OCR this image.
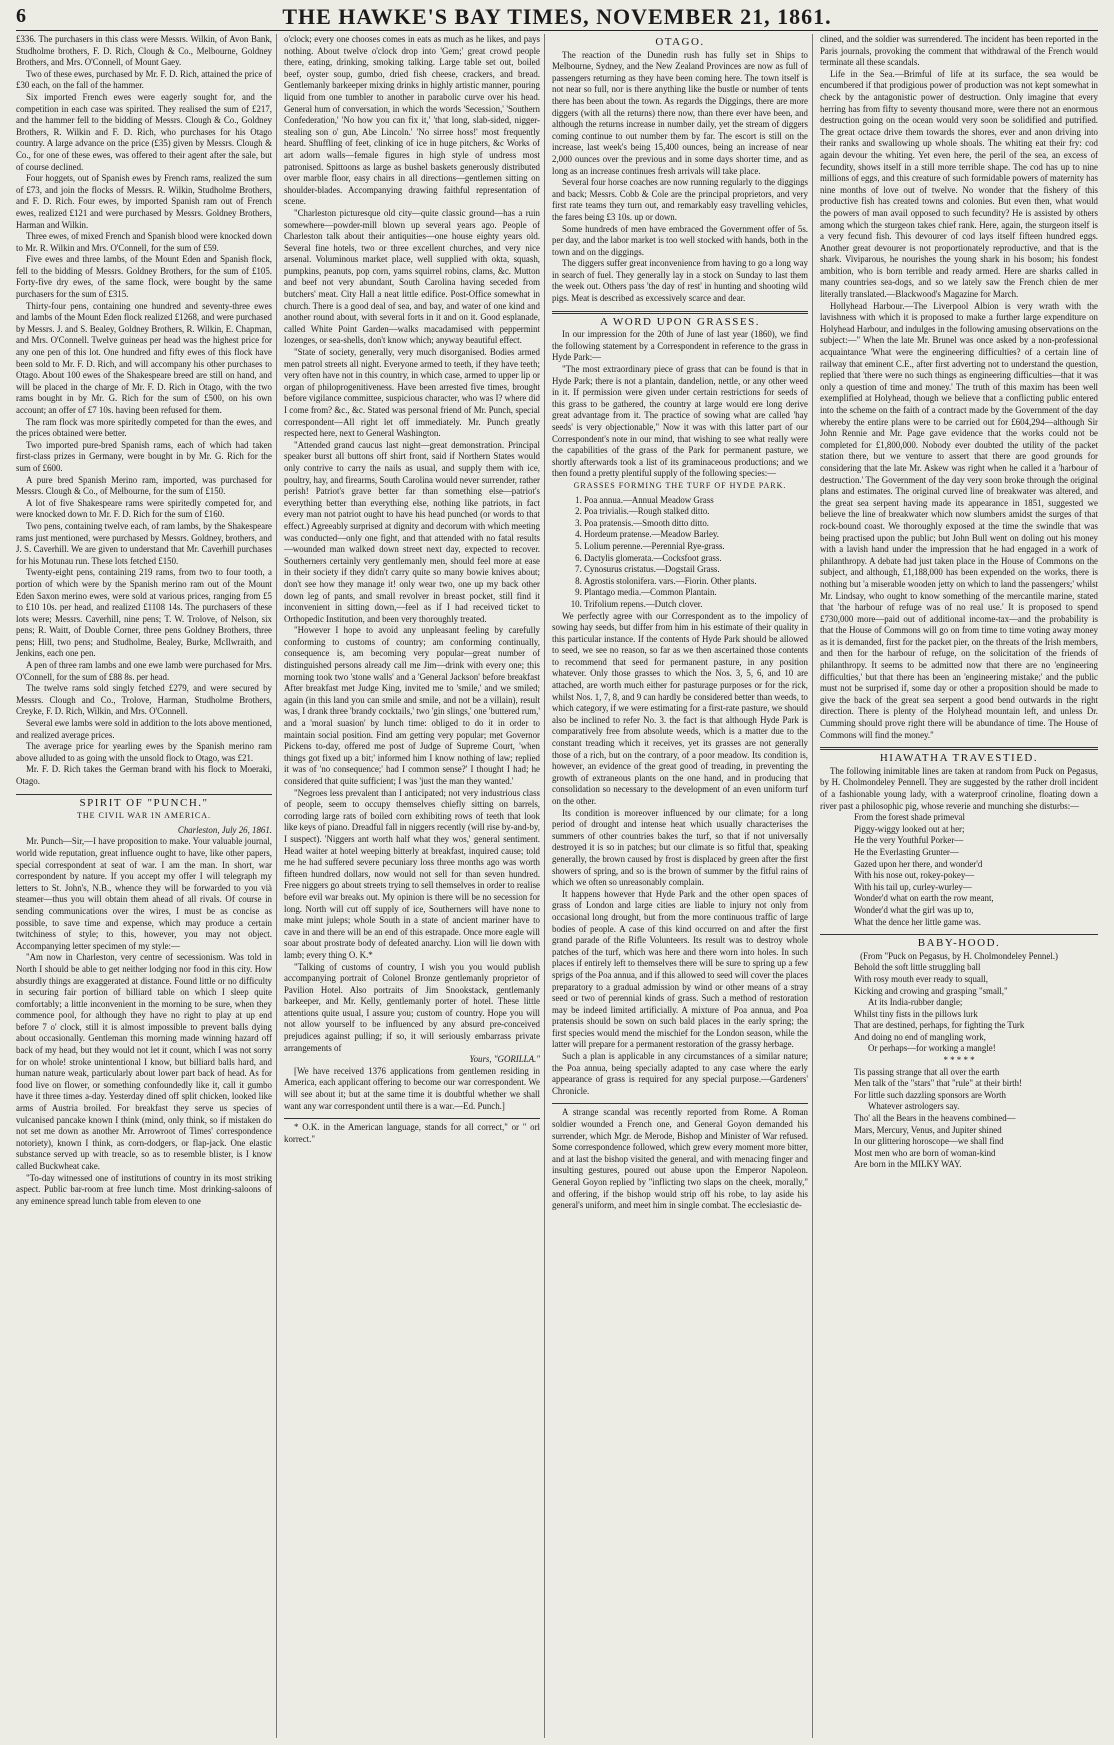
6	THE HAWKE'S BAY TIMES, NOVEMBER 21, 1861.

£336. The purchasers in this class were Messrs. Wilkin, of Avon Bank, Studholme brothers, F. D. Rich, Clough & Co., Melbourne, Goldney Brothers, and Mrs. O'Connell, of Mount Gaey.

Two of these ewes, purchased by Mr. F. D. Rich, attained the price of £30 each, on the fall of the hammer.

Six imported French ewes were eagerly sought for, and the competition in each case was spirited. They realised the sum of £217, and the hammer fell to the bidding of Messrs. Clough & Co., Goldney Brothers, R. Wilkin and F. D. Rich, who purchases for his Otago country. A large advance on the price (£35) given by Messrs. Clough & Co., for one of these ewes, was offered to their agent after the sale, but of course declined.

Four hoggets, out of Spanish ewes by French rams, realized the sum of £73, and join the flocks of Messrs. R. Wilkin, Studholme Brothers, and F. D. Rich. Four ewes, by imported Spanish ram out of French ewes, realized £121 and were purchased by Messrs. Goldney Brothers, Harman and Wilkin.

Three ewes, of mixed French and Spanish blood were knocked down to Mr. R. Wilkin and Mrs. O'Connell, for the sum of £59.

Five ewes and three lambs, of the Mount Eden and Spanish flock, fell to the bidding of Messrs. Goldney Brothers, for the sum of £105. Forty-five dry ewes, of the same flock, were bought by the same purchasers for the sum of £315.

Thirty-four pens, containing one hundred and seventy-three ewes and lambs of the Mount Eden flock realized £1268, and were purchased by Messrs. J. and S. Bealey, Goldney Brothers, R. Wilkin, E. Chapman, and Mrs. O'Connell. Twelve guineas per head was the highest price for any one pen of this lot. One hundred and fifty ewes of this flock have been sold to Mr. F. D. Rich, and will accompany his other purchases to Otago. About 100 ewes of the Shakespeare breed are still on hand, and will be placed in the charge of Mr. F. D. Rich in Otago, with the two rams bought in by Mr. G. Rich for the sum of £500, on his own account; an offer of £7 10s. having been refused for them.

The ram flock was more spiritedly competed for than the ewes, and the prices obtained were better.

Two imported pure-bred Spanish rams, each of which had taken first-class prizes in Germany, were bought in by Mr. G. Rich for the sum of £600.

A pure bred Spanish Merino ram, imported, was purchased for Messrs. Clough & Co., of Melbourne, for the sum of £150.

A lot of five Shakespeare rams were spiritedly competed for, and were knocked down to Mr. F. D. Rich for the sum of £160.

Two pens, containing twelve each, of ram lambs, by the Shakespeare rams just mentioned, were purchased by Messrs. Goldney, brothers, and J. S. Caverhill. We are given to understand that Mr. Caverhill purchases for his Motunau run. These lots fetched £150.

Twenty-eight pens, containing 219 rams, from two to four tooth, a portion of which were by the Spanish merino ram out of the Mount Eden Saxon merino ewes, were sold at various prices, ranging from £5 to £10 10s. per head, and realized £1108 14s. The purchasers of these lots were; Messrs. Caverhill, nine pens; T. W. Trolove, of Nelson, six pens; R. Waitt, of Double Corner, three pens Goldney Brothers, three pens; Hill, two pens; and Studholme, Bealey, Burke, McIlwraith, and Jenkins, each one pen.

A pen of three ram lambs and one ewe lamb were purchased for Mrs. O'Connell, for the sum of £88 8s. per head.

The twelve rams sold singly fetched £279, and were secured by Messrs. Clough and Co., Trolove, Harman, Studholme Brothers, Creyke, F. D. Rich, Wilkin, and Mrs. O'Connell.

Several ewe lambs were sold in addition to the lots above mentioned, and realized average prices.

The average price for yearling ewes by the Spanish merino ram above alluded to as going with the unsold flock to Otago, was £21.

Mr. F. D. Rich takes the German brand with his flock to Moeraki, Otago.

SPIRIT OF "PUNCH."
THE CIVIL WAR IN AMERICA.

Charleston, July 26, 1861.

Mr. Punch—Sir,—I have proposition to make. Your valuable journal, world wide reputation, great influence ought to have, like other papers, special correspondent at seat of war. I am the man. In short, war correspondent by nature. If you accept my offer I will telegraph my letters to St. John's, N.B., whence they will be forwarded to you vià steamer—thus you will obtain them ahead of all rivals. Of course in sending communications over the wires, I must be as concise as possible, to save time and expense, which may produce a certain twitchiness of style; to this, however, you may not object. Accompanying letter specimen of my style:—

"Am now in Charleston, very centre of secessionism. Was told in North I should be able to get neither lodging nor food in this city. How absurdly things are exaggerated at distance. Found little or no difficulty in securing fair portion of billiard table on which I sleep quite comfortably; a little inconvenient in the morning to be sure, when they commence pool, for although they have no right to play at up end before 7 o' clock, still it is almost impossible to prevent balls dying about occasionally. Gentleman this morning made winning hazard off back of my head, but they would not let it count, which I was not sorry for on whole! stroke unintentional I know, but billiard balls hard, and human nature weak, particularly about lower part back of head. As for food live on flower, or something confoundedly like it, call it gumbo have it three times a-day. Yesterday dined off split chicken, looked like arms of Austria broiled. For breakfast they serve us species of vulcanised pancake known I think (mind, only think, so if mistaken do not set me down as another Mr. Arrowroot of Times' correspondence notoriety), known I think, as corn-dodgers, or flap-jack. One elastic substance served up with treacle, so as to resemble blister, is I know called Buckwheat cake.

"To-day witnessed one of institutions of country in its most striking aspect. Public bar-room at free lunch time. Most drinking-saloons of any eminence spread lunch table from eleven to one

o'clock; every one chooses comes in eats as much as he likes, and pays nothing. About twelve o'clock drop into 'Gem;' great crowd people there, eating, drinking, smoking talking. Large table set out, boiled beef, oyster soup, gumbo, dried fish cheese, crackers, and bread. Gentlemanly barkeeper mixing drinks in highly artistic manner, pouring liquid from one tumbler to another in parabolic curve over his head. General hum of conversation, in which the words 'Secession,' 'Southern Confederation,' 'No how you can fix it,' 'that long, slab-sided, nigger-stealing son o' gun, Abe Lincoln.' 'No sirree hoss!' most frequently heard. Shuffling of feet, clinking of ice in huge pitchers, &c Works of art adorn walls—female figures in high style of undress most patronised. Spittoons as large as bushel baskets generously distributed over marble floor, easy chairs in all directions—gentlemen sitting on shoulder-blades. Accompanying drawing faithful representation of scene.

"Charleston picturesque old city—quite classic ground—has a ruin somewhere—powder-mill blown up several years ago. People of Charleston talk about their antiquities—one house eighty years old. Several fine hotels, two or three excellent churches, and very nice arsenal. Voluminous market place, well supplied with okta, squash, pumpkins, peanuts, pop corn, yams squirrel robins, clams, &c. Mutton and beef not very abundant, South Carolina having seceded from butchers' meat. City Hall a neat little edifice. Post-Office somewhat in church. There is a good deal of sea, and bay, and water of one kind and another round about, with several forts in it and on it. Good esplanade, called White Point Garden—walks macadamised with peppermint lozenges, or sea-shells, don't know which; anyway beautiful effect.

"State of society, generally, very much disorganised. Bodies armed men patrol streets all night. Everyone armed to teeth, if they have teeth; very often have not in this country, in which case, armed to upper lip or organ of philoprogenitiveness. Have been arrested five times, brought before vigilance committee, suspicious character, who was I? where did I come from? &c., &c. Stated was personal friend of Mr. Punch, special correspondent—All right let off immediately. Mr. Punch greatly respected here, next to General Washington.

"Attended grand caucus last night—great demonstration. Principal speaker burst all buttons off shirt front, said if Northern States would only contrive to carry the nails as usual, and supply them with ice, poultry, hay, and firearms, South Carolina would never surrender, rather perish! Patriot's grave better far than something else—patriot's everything better than everything else, nothing like patriots, in fact every man not patriot ought to have his head punched (or words to that effect.) Agreeably surprised at dignity and decorum with which meeting was conducted—only one fight, and that attended with no fatal results—wounded man walked down street next day, expected to recover. Southerners certainly very gentlemanly men, should feel more at ease in their society if they didn't carry quite so many bowie knives about; don't see how they manage it! only wear two, one up my back other down leg of pants, and small revolver in breast pocket, still find it inconvenient in sitting down,—feel as if I had received ticket to Orthopedic Institution, and been very thoroughly treated.

"However I hope to avoid any unpleasant feeling by carefully conforming to customs of country; am conforming continually, consequence is, am becoming very popular—great number of distinguished persons already call me Jim—drink with every one; this morning took two 'stone walls' and a 'General Jackson' before breakfast After breakfast met Judge King, invited me to 'smile,' and we smiled; again (in this land you can smile and smile, and not be a villain), result was, I drank three 'brandy cocktails,' two 'gin slings,' one 'buttered rum,' and a 'moral suasion' by lunch time: obliged to do it in order to maintain social position. Find am getting very popular; met Governor Pickens to-day, offered me post of Judge of Supreme Court, 'when things got fixed up a bit;' informed him I know nothing of law; replied it was of 'no consequence;' had I common sense?' I thought I had; he considered that quite sufficient; I was 'just the man they wanted.'

"Negroes less prevalent than I anticipated; not very industrious class of people, seem to occupy themselves chiefly sitting on barrels, corroding large rats of boiled corn exhibiting rows of teeth that look like keys of piano. Dreadful fall in niggers recently (will rise by-and-by, I suspect). 'Niggers ant worth half what they wos,' general sentiment. Head waiter at hotel weeping bitterly at breakfast, inquired cause; told me he had suffered severe pecuniary loss three months ago was worth fifteen hundred dollars, now would not sell for than seven hundred. Free niggers go about streets trying to sell themselves in order to realise before evil war breaks out. My opinion is there will be no secession for long. North will cut off supply of ice, Southerners will have none to make mint juleps; whole South in a state of ancient mariner have to cave in and there will be an end of this estrapade. Once more eagle will soar about prostrate body of defeated anarchy. Lion will lie down with lamb; every thing O. K.*

"Talking of customs of country, I wish you you would publish accompanying portrait of Colonel Bronze gentlemanly proprietor of Pavilion Hotel. Also portraits of Jim Snookstack, gentlemanly barkeeper, and Mr. Kelly, gentlemanly porter of hotel. These little attentions quite usual, I assure you; custom of country. Hope you will not allow yourself to be influenced by any absurd pre-conceived prejudices against pulling; if so, it will seriously embarrass private arrangements of

Yours, "GORILLA."

[We have received 1376 applications from gentlemen residing in America, each applicant offering to become our war correspondent. We will see about it; but at the same time it is doubtful whether we shall want any war correspondent until there is a war.—Ed. Punch.]

* O.K. in the American language, stands for all correct," or " orl korrect."

OTAGO.

The reaction of the Dunedin rush has fully set in Ships to Melbourne, Sydney, and the New Zealand Provinces are now as full of passengers returning as they have been coming here. The town itself is not near so full, nor is there anything like the bustle or number of tents there has been about the town. As regards the Diggings, there are more diggers (with all the returns) there now, than there ever have been, and although the returns increase in number daily, yet the stream of diggers coming continue to out number them by far. The escort is still on the increase, last week's being 15,400 ounces, being an increase of near 2,000 ounces over the previous and in some days shorter time, and as long as an increase continues fresh arrivals will take place.

Several four horse coaches are now running regularly to the diggings and back; Messrs. Cobb & Cole are the principal proprietors, and very first rate teams they turn out, and remarkably easy travelling vehicles, the fares being £3 10s. up or down.

Some hundreds of men have embraced the Government offer of 5s. per day, and the labor market is too well stocked with hands, both in the town and on the diggings.

The diggers suffer great inconvenience from having to go a long way in search of fuel. They generally lay in a stock on Sunday to last them the week out. Others pass 'the day of rest' in hunting and shooting wild pigs. Meat is described as excessively scarce and dear.

A WORD UPON GRASSES.

In our impression for the 20th of June of last year (1860), we find the following statement by a Correspondent in reference to the grass in Hyde Park:—

"The most extraordinary piece of grass that can be found is that in Hyde Park; there is not a plantain, dandelion, nettle, or any other weed in it. If permission were given under certain restrictions for seeds of this grass to be gathered, the country at large would ere long derive great advantage from it. The practice of sowing what are called 'hay seeds' is very objectionable," Now it was with this latter part of our Correspondent's note in our mind, that wishing to see what really were the capabilities of the grass of the Park for permanent pasture, we shortly afterwards took a list of its graminaceous productions; and we then found a pretty plentiful supply of the following species:—

GRASSES FORMING THE TURF OF HYDE PARK.
1. Poa annua.—Annual Meadow Grass
2. Poa trivialis.—Rough stalked ditto.
3. Poa pratensis.—Smooth ditto ditto.
4. Hordeum pratense.—Meadow Barley.
5. Lolium perenne.—Perennial Rye-grass.
6. Dactylis glomerata.—Cocksfoot grass.
7. Cynosurus cristatus.—Dogstail Grass.
8. Agrostis stolonifera. vars.—Fiorin. Other plants.
9. Plantago media.—Common Plantain.
10. Trifolium repens.—Dutch clover.

We perfectly agree with our Correspondent as to the impolicy of sowing hay seeds, but differ from him in his estimate of their quality in this particular instance. If the contents of Hyde Park should be allowed to seed, we see no reason, so far as we then ascertained those contents to recommend that seed for permanent pasture, in any position whatever. Only those grasses to which the Nos. 3, 5, 6, and 10 are attached, are worth much either for pasturage purposes or for the rick, whilst Nos. 1, 7, 8, and 9 can hardly be considered better than weeds, to which category, if we were estimating for a first-rate pasture, we should also be inclined to refer No. 3. the fact is that although Hyde Park is comparatively free from absolute weeds, which is a matter due to the constant treading which it receives, yet its grasses are not generally those of a rich, but on the contrary, of a poor meadow. Its condition is, however, an evidence of the great good of treading, in preventing the growth of extraneous plants on the one hand, and in producing that consolidation so necessary to the development of an even uniform turf on the other.

Its condition is moreover influenced by our climate; for a long period of drought and intense heat which usually characterises the summers of other countries bakes the turf, so that if not universally destroyed it is so in patches; but our climate is so fitful that, speaking generally, the brown caused by frost is displaced by green after the first showers of spring, and so is the brown of summer by the fitful rains of which we often so unreasonably complain.

It happens however that Hyde Park and the other open spaces of grass of London and large cities are liable to injury not only from occasional long drought, but from the more continuous traffic of large bodies of people. A case of this kind occurred on and after the first grand parade of the Rifle Volunteers. Its result was to destroy whole patches of the turf, which was here and there worn into holes. In such places if entirely left to themselves there will be sure to spring up a few sprigs of the Poa annua, and if this allowed to seed will cover the places preparatory to a gradual admission by wind or other means of a stray seed or two of perennial kinds of grass. Such a method of restoration may be indeed limited artificially. A mixture of Poa annua, and Poa pratensis should be sown on such bald places in the early spring; the first species would mend the mischief for the London season, while the latter will prepare for a permanent restoration of the grassy herbage.

Such a plan is applicable in any circumstances of a similar nature; the Poa annua, being specially adapted to any case where the early appearance of grass is required for any special purpose.—Gardeners' Chronicle.

A strange scandal was recently reported from Rome. A Roman soldier wounded a French one, and General Goyon demanded his surrender, which Mgr. de Merode, Bishop and Minister of War refused. Some correspondence followed, which grew every moment more bitter, and at last the bishop visited the general, and with menacing finger and insulting gestures, poured out abuse upon the Emperor Napoleon. General Goyon replied by "inflicting two slaps on the cheek, morally," and offering, if the bishop would strip off his robe, to lay aside his general's uniform, and meet him in single combat. The ecclesiastic de-

clined, and the soldier was surrendered. The incident has been reported in the Paris journals, provoking the comment that withdrawal of the French would terminate all these scandals.

Life in the Sea.—Brimful of life at its surface, the sea would be encumbered if that prodigious power of production was not kept somewhat in check by the antagonistic power of destruction. Only imagine that every herring has from fifty to seventy thousand more, were there not an enormous destruction going on the ocean would very soon be solidified and putrified. The great octace drive them towards the shores, ever and anon driving into their ranks and swallowing up whole shoals. The whiting eat their fry: cod again devour the whiting. Yet even here, the peril of the sea, an excess of fecundity, shows itself in a still more terrible shape. The cod has up to nine millions of eggs, and this creature of such formidable powers of maternity has nine months of love out of twelve. No wonder that the fishery of this productive fish has created towns and colonies. But even then, what would the powers of man avail opposed to such fecundity? He is assisted by others among which the sturgeon takes chief rank. Here, again, the sturgeon itself is a very fecund fish. This devourer of cod lays itself fifteen hundred eggs. Another great devourer is not proportionately reproductive, and that is the shark. Viviparous, he nourishes the young shark in his bosom; his fondest ambition, who is born terrible and ready armed. Here are sharks called in many countries sea-dogs, and so we lately saw the French chien de mer literally translated.—Blackwood's Magazine for March.

Hollyhead Harbour.—The Liverpool Albion is very wrath with the lavishness with which it is proposed to make a further large expenditure on Holyhead Harbour, and indulges in the following amusing observations on the subject:—" When the late Mr. Brunel was once asked by a non-professional acquaintance 'What were the engineering difficulties? of a certain line of railway that eminent C.E., after first adverting not to understand the question, replied that 'there were no such things as engineering difficulties—that it was only a question of time and money.' The truth of this maxim has been well exemplified at Holyhead, though we believe that a conflicting public entered into the scheme on the faith of a contract made by the Government of the day whereby the entire plans were to be carried out for £604,294—although Sir John Rennie and Mr. Page gave evidence that the works could not be completed for £1,800,000. Nobody ever doubted the utility of the packet station there, but we venture to assert that there are good grounds for considering that the late Mr. Askew was right when he called it a 'harbour of destruction.' The Government of the day very soon broke through the original plans and estimates. The original curved line of breakwater was altered, and the great sea serpent having made its appearance in 1851, suggested we believe the line of breakwater which now slumbers amidst the surges of that rock-bound coast. We thoroughly exposed at the time the swindle that was being practised upon the public; but John Bull went on doling out his money with a lavish hand under the impression that he had engaged in a work of philanthropy. A debate had just taken place in the House of Commons on the subject, and although, £1,188,000 has been expended on the works, there is nothing but 'a miserable wooden jetty on which to land the passengers;' whilst Mr. Lindsay, who ought to know something of the mercantile marine, stated that 'the harbour of refuge was of no real use.' It is proposed to spend £730,000 more—paid out of additional income-tax—and the probability is that the House of Commons will go on from time to time voting away money as it is demanded, first for the packet pier, on the threats of the Irish members, and then for the harbour of refuge, on the solicitation of the friends of philanthropy. It seems to be admitted now that there are no 'engineering difficulties,' but that there has been an 'engineering mistake;' and the public must not be surprised if, some day or other a proposition should be made to give the back of the great sea serpent a good bend outwards in the right direction. There is plenty of the Holyhead mountain left, and unless Dr. Cumming should prove right there will be abundance of time. The House of Commons will find the money."

HIAWATHA TRAVESTIED.

The following inimitable lines are taken at random from Puck on Pegasus, by H. Cholmondeley Pennell. They are suggested by the rather droll incident of a fashionable young lady, with a waterproof crinoline, floating down a river past a philosophic pig, whose reverie and munching she disturbs:—

From the forest shade primeval

Piggy-wiggy looked out at her;

He the very Youthful Porker—

He the Everlasting Grunter—

Gazed upon her there, and wonder'd

With his nose out, rokey-pokey—

With his tail up, curley-wurley—

Wonder'd what on earth the row meant,

Wonder'd what the girl was up to,

What the dence her little game was.

BABY-HOOD.

(From "Puck on Pegasus, by H. Cholmondeley Pennel.)

Behold the soft little struggling ball

With rosy mouth ever ready to squall,

Kicking and crowing and grasping "small,"

At its India-rubber dangle;

Whilst tiny fists in the pillows lurk

That are destined, perhaps, for fighting the Turk

And doing no end of mangling work,

Or perhaps—for working a mangle!

* * * * *

Tis passing strange that all over the earth

Men talk of the "stars" that "rule" at their birth!

For little such dazzling sponsors are Worth

Whatever astrologers say.

Tho' all the Bears in the heavens combined—

Mars, Mercury, Venus, and Jupiter shined

In our glittering horoscope—we shall find

Most men who are born of woman-kind

Are born in the MILKY WAY.
